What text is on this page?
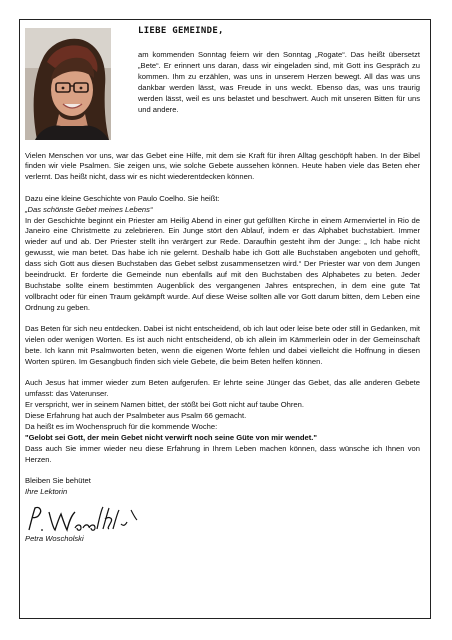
LIEBE GEMEINDE,

am kommenden Sonntag feiern wir den Sonntag „Rogate“. Das heißt übersetzt „Bete“. Er erinnert uns daran, dass wir eingeladen sind, mit Gott ins Gespräch zu kommen. Ihm zu erzählen, was uns in unserem Herzen bewegt. All das was uns dankbar werden lässt, was Freude in uns weckt. Ebenso das, was uns traurig werden lässt, weil es uns belastet und beschwert. Auch mit unseren Bitten für uns und andere.

Vielen Menschen vor uns, war das Gebet eine Hilfe, mit dem sie Kraft für ihren Alltag geschöpft haben. In der Bibel finden wir viele Psalmen. Sie zeigen uns, wie solche Gebete aussehen können. Heute haben viele das Beten eher verlernt. Das heißt nicht, dass wir es nicht wiederentdecken können.

Dazu eine kleine Geschichte von Paulo Coelho. Sie heißt:

„Das schönste Gebet meines Lebens“

In der Geschichte beginnt ein Priester am Heilig Abend in einer gut gefüllten Kirche in einem Armenviertel in Rio de Janeiro eine Christmette zu zelebrieren. Ein Junge stört den Ablauf, indem er das Alphabet buchstabiert. Immer wieder auf und ab. Der Priester stellt ihn verärgert zur Rede. Daraufhin gesteht ihm der Junge: „ Ich habe nicht gewusst, wie man betet. Das habe ich nie gelernt. Deshalb habe ich Gott alle Buchstaben angeboten und gehofft, dass sich Gott aus diesen Buchstaben das Gebet selbst zusammensetzen wird.“ Der Priester war von dem Jungen beeindruckt. Er forderte die Gemeinde nun ebenfalls auf mit den Buchstaben des Alphabetes zu beten. Jeder Buchstabe sollte einem bestimmten Augenblick des vergangenen Jahres entsprechen, in dem eine gute Tat vollbracht oder für einen Traum gekämpft wurde. Auf diese Weise sollten alle vor Gott darum bitten, dem Leben eine Ordnung zu geben.

Das Beten für sich neu entdecken. Dabei ist nicht entscheidend, ob ich laut oder leise bete oder still in Gedanken, mit vielen oder wenigen Worten. Es ist auch nicht entscheidend, ob ich allein im Kämmerlein oder in der Gemeinschaft bete. Ich kann mit Psalmworten beten, wenn die eigenen Worte fehlen und dabei vielleicht die Hoffnung in diesen Worten spüren. Im Gesangbuch finden sich viele Gebete, die beim Beten helfen können.

Auch Jesus hat immer wieder zum Beten aufgerufen. Er lehrte seine Jünger das Gebet, das alle anderen Gebete umfasst: das Vaterunser.

Er verspricht, wer in seinem Namen bittet, der stößt bei Gott nicht auf taube Ohren.

Diese Erfahrung hat auch der Psalmbeter aus Psalm 66 gemacht.

Da heißt es im Wochenspruch für die kommende Woche:

"Gelobt sei Gott, der mein Gebet nicht verwirft noch seine Güte von mir wendet."

Dass auch Sie immer wieder neu diese Erfahrung in Ihrem Leben machen können, dass wünsche ich Ihnen von Herzen.

Bleiben Sie behütet

Ihre Lektorin

Petra Woscholski
